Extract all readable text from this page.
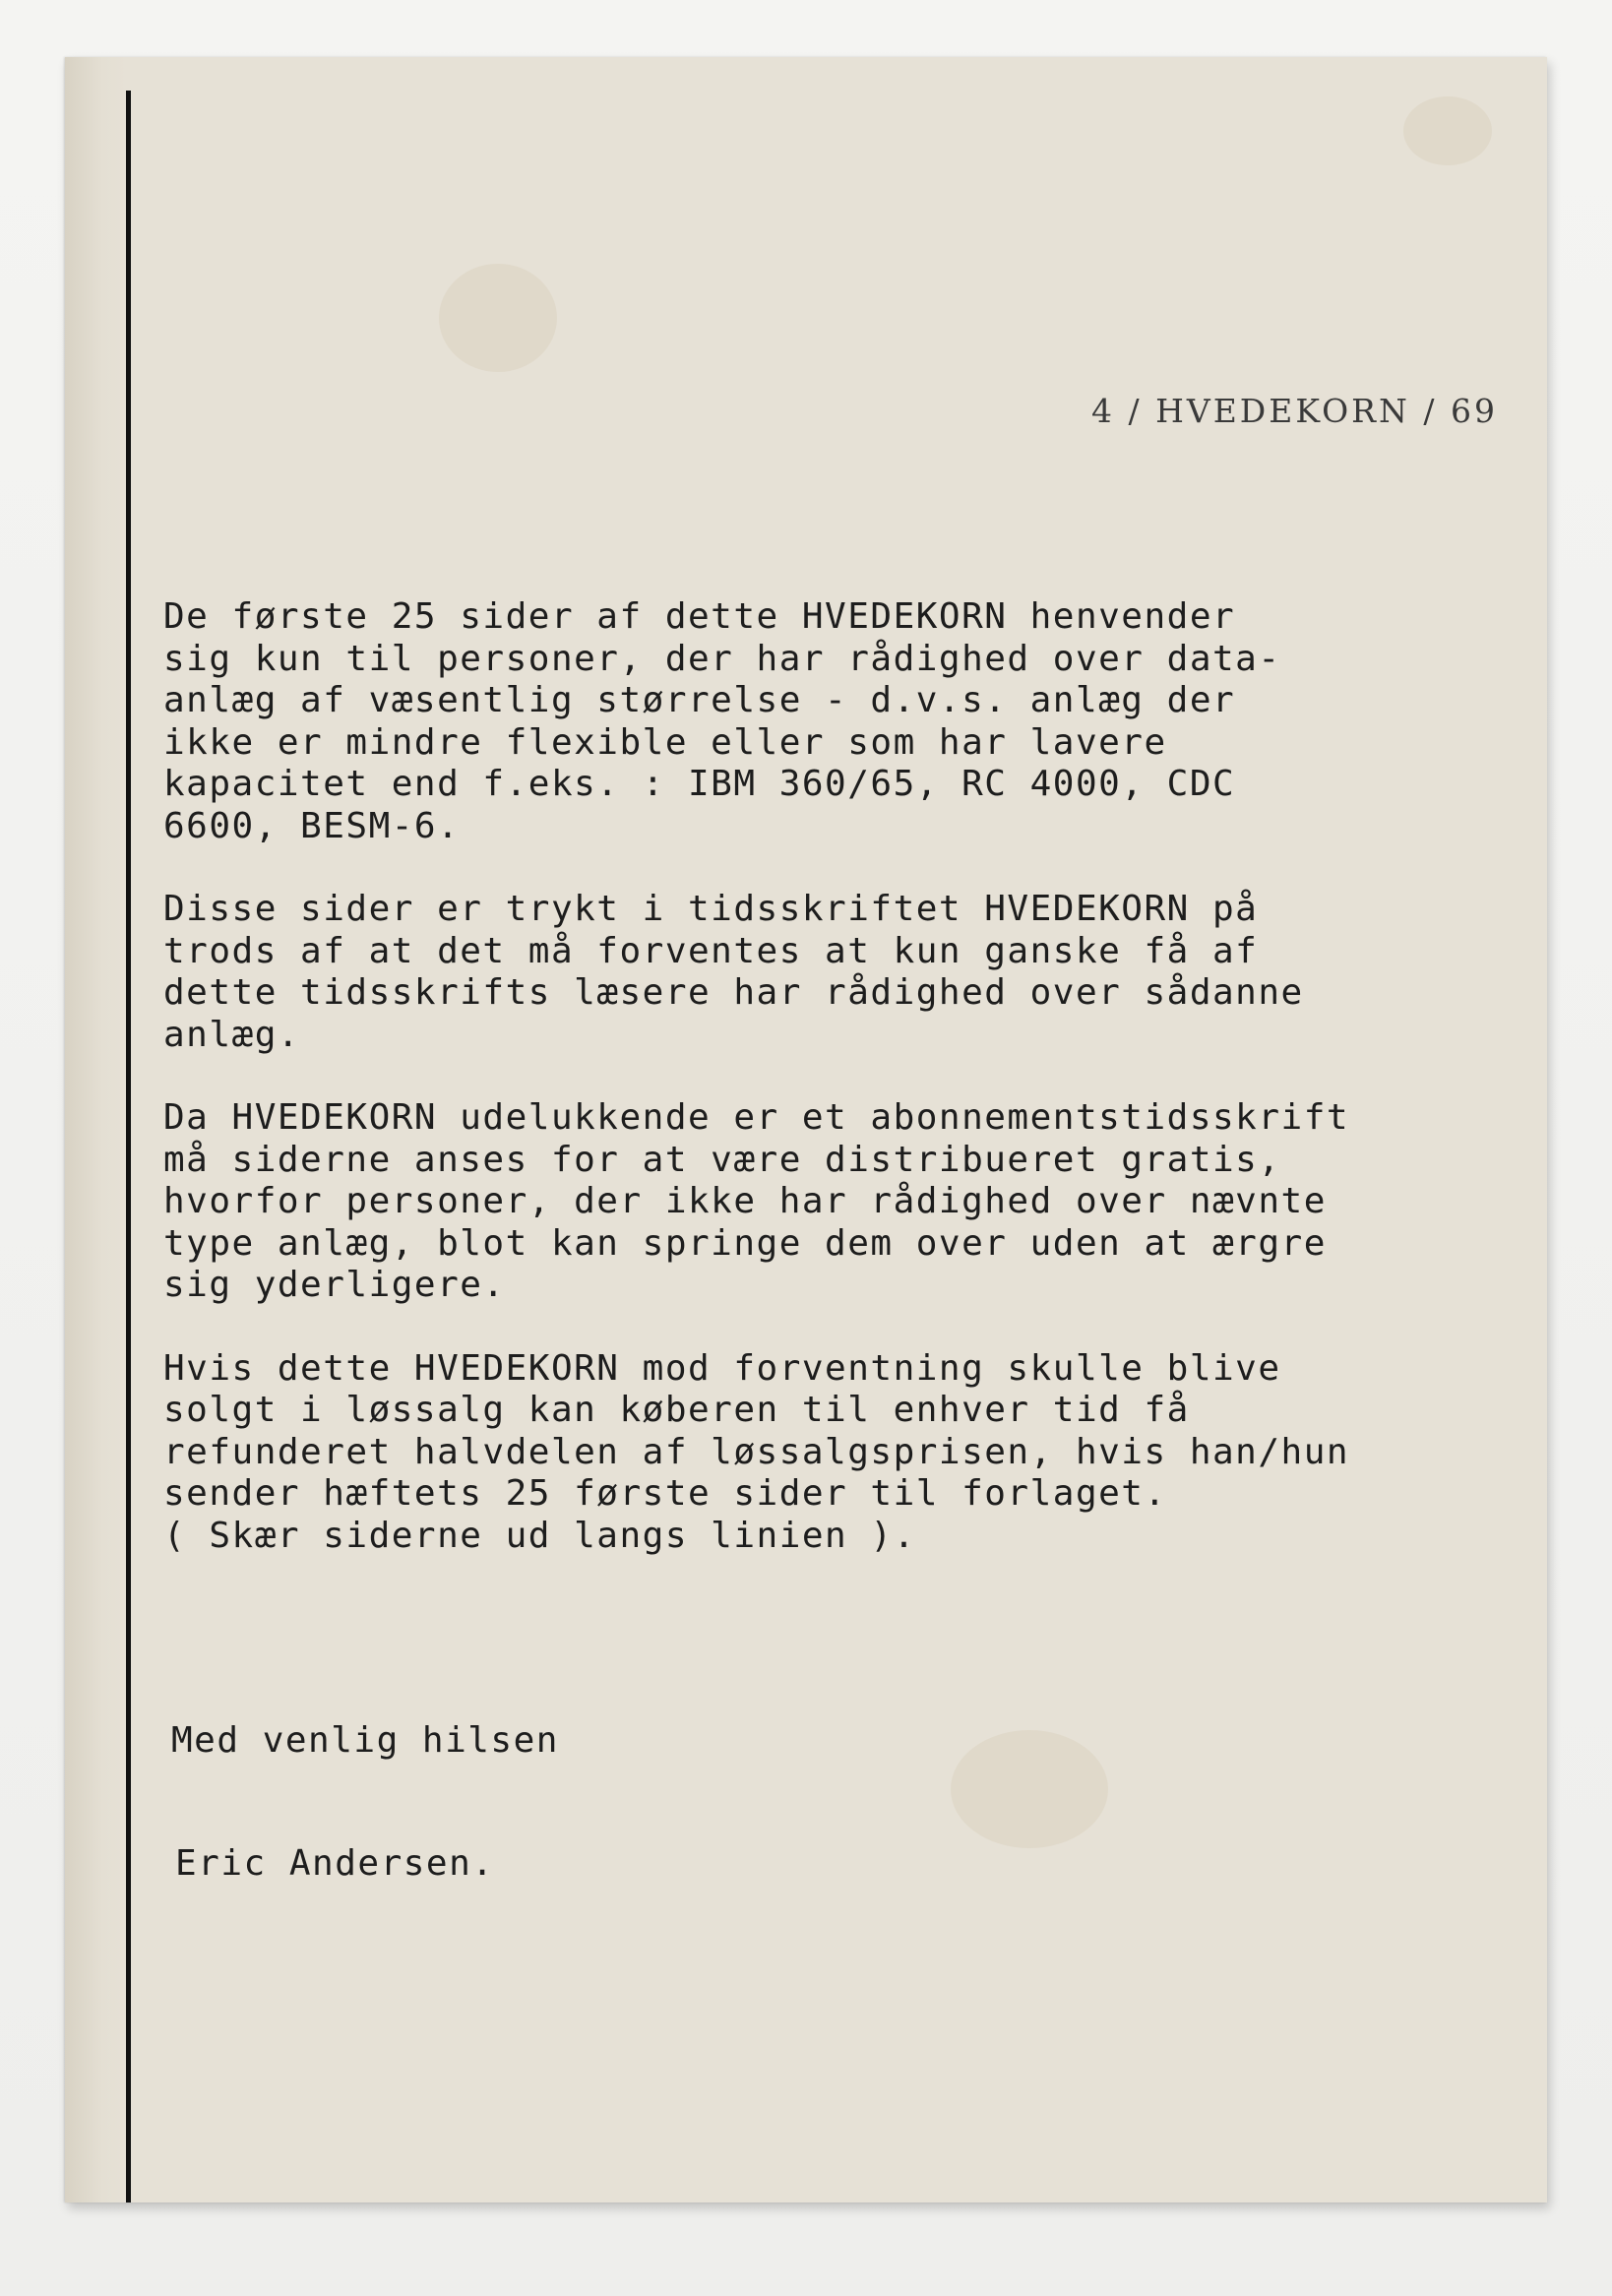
4 / HVEDEKORN / 69
De første 25 sider af dette HVEDEKORN henvender
sig kun til personer, der har rådighed over data-
anlæg af væsentlig størrelse - d.v.s. anlæg der
ikke er mindre flexible eller som har lavere
kapacitet end f.eks. : IBM 360/65, RC 4000, CDC
6600, BESM-6.
Disse sider er trykt i tidsskriftet HVEDEKORN på
trods af at det må forventes at kun ganske få af
dette tidsskrifts læsere har rådighed over sådanne
anlæg.
Da HVEDEKORN udelukkende er et abonnementstidsskrift
må siderne anses for at være distribueret gratis,
hvorfor personer, der ikke har rådighed over nævnte
type anlæg, blot kan springe dem over uden at ærgre
sig yderligere.
Hvis dette HVEDEKORN mod forventning skulle blive
solgt i løssalg kan køberen til enhver tid få
refunderet halvdelen af løssalgsprisen, hvis han/hun
sender hæftets 25 første sider til forlaget.
( Skær siderne ud langs linien ).
Med venlig hilsen
Eric Andersen.
